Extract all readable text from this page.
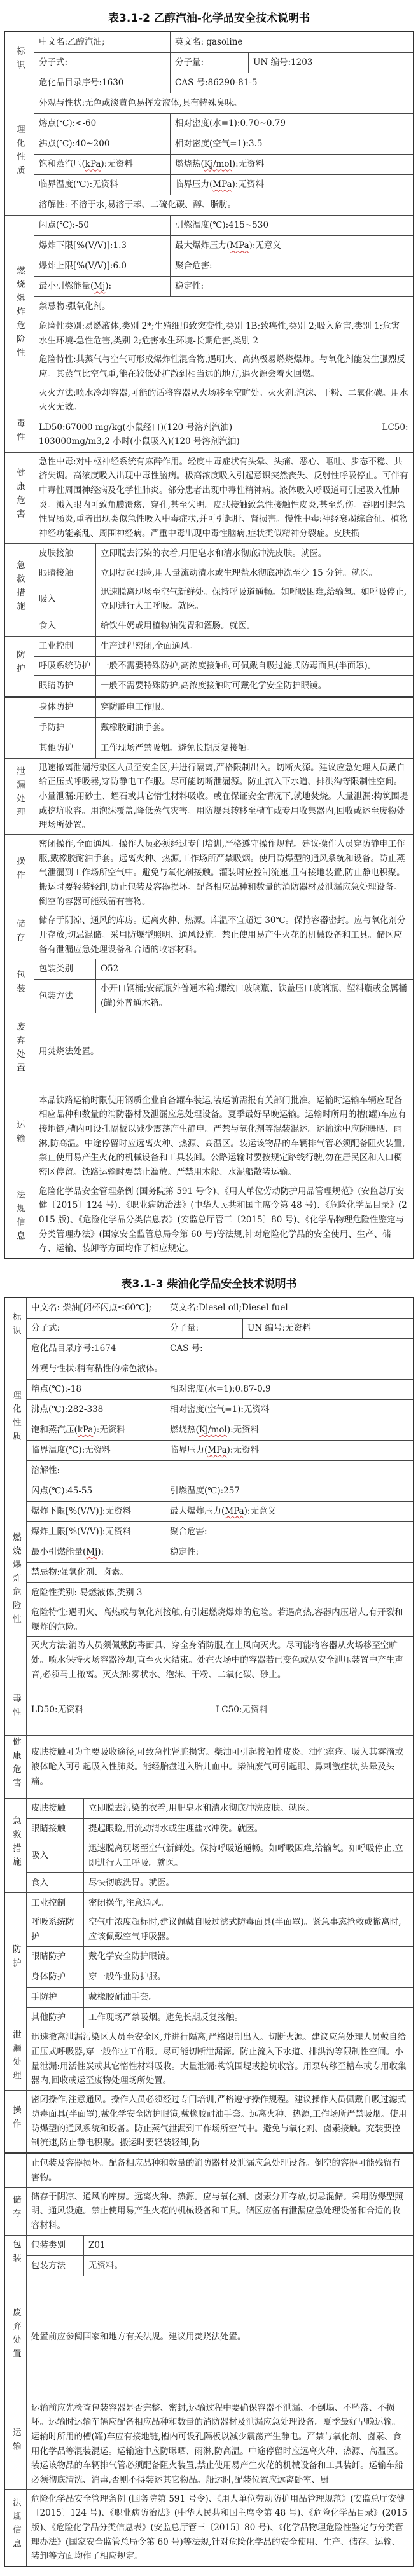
表3.1-2 乙醇汽油-化学品安全技术说明书
标识	中文名:乙醇汽油;		英文名: gasoline	
	分子式:		分子量:	UN 编号:1203
	危化品目录序号:1630		CAS 号:86290-81-5	
理化性质	外观与性状:无色或淡黄色易挥发液体,具有特殊臭味。			
	熔点(℃):<-60		相对密度(水=1):0.70~0.79	
	沸点(℃):40~200		相对密度(空气=1):3.5	
	饱和蒸汽压(kPa):无资料		燃烧热(Kj/mol):无资料	
	临界温度(℃):无资料		临界压力(MPa):无资料	
	溶解性: 不溶于水,易溶于苯、二硫化碳、醇、脂肪。			
燃烧爆炸危险性	闪点(℃):-50		引燃温度(℃):415~530	
	爆炸下限[%(V/V)]:1.3		最大爆炸压力(MPa):无意义	
	爆炸上限[%(V/V)]:6.0		聚合危害:	
	最小引燃能量(Mj):		稳定性:	
	禁忌物:强氧化剂。			
	危险性类别:易燃液体,类别 2*;生殖细胞致突变性,类别 1B;致癌性,类别 2;吸入危害,类别 1;危害水生环境-急性危害,类别 2;危害水生环境-长期危害,类别 2			
	危险特性:其蒸气与空气可形成爆炸性混合物,遇明火、高热极易燃烧爆炸。与氧化剂能发生强烈反应。其蒸气比空气重,能在较低处扩散到相当远的地方,遇火源会着火回燃。			
	灭火方法:喷水冷却容器,可能的话将容器从火场移至空旷处。灭火剂:泡沫、干粉、二氧化碳。用水灭火无效。			
毒性	LD50:67000 mg/kg(小鼠经口)(120 号溶剂汽油) LC50:
103000mg/m3,2 小时(小鼠吸入)(120 号溶剂汽油)			

健康危害	急性中毒:对中枢神经系统有麻醉作用。轻度中毒症状有头晕、头痛、恶心、呕吐、步态不稳、共济失调。高浓度吸入出现中毒性脑病。极高浓度吸入引起意识突然丧失、反射性呼吸停止。可伴有中毒性周围神经病及化学性肺炎。部分患者出现中毒性精神病。液体吸入呼吸道可引起吸入性肺炎。溅入眼内可致角膜溃疡、穿孔,甚至失明。皮肤接触致急性接触性皮炎,甚至灼伤。吞咽引起急性胃肠炎,重者出现类似急性吸入中毒症状,并可引起肝、肾损害。慢性中毒:神经衰弱综合征、植物神经功能紊乱、周围神经病。严重中毒出现中毒性脑病,症状类似精神分裂症。皮肤损			
急救措施	皮肤接触	立即脱去污染的衣着,用肥皂水和清水彻底冲洗皮肤。就医。		
	眼睛接触	立即提起眼睑,用大量流动清水或生理盐水彻底冲洗至少 15 分钟。就医。		
	吸入	迅速脱离现场至空气新鲜处。保持呼吸道通畅。如呼吸困难,给输氧。如呼吸停止,立即进行人工呼吸。就医。		
	食入	给饮牛奶或用植物油洗胃和灌肠。就医。		
防护	工业控制	生产过程密闭,全面通风。		
	呼吸系统防护	一般不需要特殊防护,高浓度接触时可佩戴自吸过滤式防毒面具(半面罩)。		
	眼睛防护	一般不需要特殊防护,高浓度接触时可戴化学安全防护眼镜。		
	身体防护	穿防静电工作服。		
	手防护	戴橡胶耐油手套。		
	其他防护	工作现场严禁吸烟。避免长期反复接触。		
泄漏处理	迅速撤离泄漏污染区人员至安全区,并进行隔离,严格限制出入。切断火源。建议应急处理人员戴自给正压式呼吸器,穿防静电工作服。尽可能切断泄漏源。防止流入下水道、排洪沟等限制性空间。小量泄漏:用砂土、蛭石或其它惰性材料吸收。或在保证安全情况下,就地焚烧。大量泄漏:构筑围堤或挖坑收容。用泡沫覆盖,降低蒸气灾害。用防爆泵转移至槽车或专用收集器内,回收或运至废物处理场所处置。			
操作	密闭操作,全面通风。操作人员必须经过专门培训,严格遵守操作规程。建议操作人员穿防静电工作服,戴橡胶耐油手套。远离火种、热源,工作场所严禁吸烟。使用防爆型的通风系统和设备。防止蒸气泄漏到工作场所空气中。避免与氧化剂接触。灌装时应控制流速,且有接地装置,防止静电积聚。搬运时要轻装轻卸,防止包装及容器损坏。配备相应品种和数量的消防器材及泄漏应急处理设备。倒空的容器可能残留有害物。			
储存	储存于阴凉、通风的库房。远离火种、热源。库温不宜超过 30℃。保持容器密封。应与氧化剂分开存放,切忌混储。采用防爆型照明、通风设施。禁止使用易产生火花的机械设备和工具。储区应备有泄漏应急处理设备和合适的收容材料。			
包装	包装类别	O52		
	包装方法	小开口钢桶;安瓿瓶外普通木箱;螺纹口玻璃瓶、铁盖压口玻璃瓶、塑料瓶或金属桶(罐)外普通木箱。		
废弃处置	用焚烧法处置。			
运输	本品铁路运输时限使用钢质企业自备罐车装运,装运前需报有关部门批准。运输时运输车辆应配备相应品种和数量的消防器材及泄漏应急处理设备。夏季最好早晚运输。运输时所用的槽(罐)车应有接地链,槽内可设孔隔板以减少震荡产生静电。严禁与氧化剂等混装混运。运输途中应防曝晒、雨淋,防高温。中途停留时应远离火种、热源、高温区。装运该物品的车辆排气管必须配备阻火装置,禁止使用易产生火花的机械设备和工具装卸。公路运输时要按规定路线行驶,勿在居民区和人口稠密区停留。铁路运输时要禁止溜放。严禁用木船、水泥船散装运输。			
法规信息	危险化学品安全管理条例 (国务院第 591 号令)、《用人单位劳动防护用品管理规范》(安监总厅安健〔2015〕124 号)、《职业病防治法》(中华人民共和国主席令第 48 号)、《危险化学品目录》(2015 版)、《危险化学品分类信息表》(安监总厅管三〔2015〕80 号)、《化学品物理危险性鉴定与分类管理办法》(国家安全监管总局令第 60 号)等法规,针对危险化学品的安全使用、生产、储存、运输、装卸等方面均作了相应规定。			
表3.1-3 柴油化学品安全技术说明书
标识	中文名: 柴油[闭杯闪点≤60℃];		英文名:Diesel oil;Diesel fuel	
	分子式:		分子量:	UN 编号:无资料
	危化品目录序号:1674		CAS 号:	
理化性质	外观与性状:稍有粘性的棕色液体。			
	熔点(℃):-18		相对密度(水=1):0.87-0.9	
	沸点(℃):282-338		相对密度(空气=1):无资料	
	饱和蒸汽压(kPa):无资料		燃烧热(Kj/mol):无资料	
	临界温度(℃):无资料		临界压力(MPa):无资料	
	溶解性:			
燃烧爆炸危险性	闪点(℃):45-55		引燃温度(℃):257	
	爆炸下限[%(V/V)]:无资料		最大爆炸压力(MPa):无意义	
	爆炸上限[%(V/V)]:无资料		聚合危害:	
	最小引燃能量(Mj):		稳定性:	
	禁忌物:强氧化剂、卤素。			
	危险性类别: 易燃液体,类别 3			
	危险特性:遇明火、高热或与氧化剂接触,有引起燃烧爆炸的危险。若遇高热,容器内压增大,有开裂和爆炸的危险。			
	灭火方法:消防人员须佩戴防毒面具、穿全身消防服,在上风向灭火。尽可能将容器从火场移至空旷处。喷水保持火场容器冷却,直至灭火结束。处在火场中的容器若已变色或从安全泄压装置中产生声音,必须马上撤离。灭火剂:雾状水、泡沫、干粉、二氧化碳、砂土。			
毒性	LD50:无资料 LC50:无资料			

健康危害	皮肤接触可为主要吸收途径,可致急性肾脏损害。柴油可引起接触性皮炎、油性痤疮。吸入其雾滴或液体呛入可引起吸入性肺炎。能经胎盘进入胎儿血中。柴油废气可引起眼、鼻刺激症状,头晕及头痛。			
急救措施	皮肤接触	立即脱去污染的衣着,用肥皂水和清水彻底冲洗皮肤。就医。		
	眼睛接触	提起眼睑,用流动清水或生理盐水冲洗。就医。		
	吸入	迅速脱离现场至空气新鲜处。保持呼吸道通畅。如呼吸困难,给输氧。如呼吸停止,立即进行人工呼吸。就医。		
	食入	尽快彻底洗胃。就医。		
防护	工业控制	密闭操作,注意通风。		
	呼吸系统防护	空气中浓度超标时,建议佩戴自吸过滤式防毒面具(半面罩)。紧急事态抢救或撤离时,应该佩戴空气呼吸器。		
	眼睛防护	戴化学安全防护眼镜。		
	身体防护	穿一般作业防护服。		
	手防护	戴橡胶耐油手套。		
	其他防护	工作现场严禁吸烟。避免长期反复接触。		
泄漏处理	迅速撤离泄漏污染区人员至安全区,并进行隔离,严格限制出入。切断火源。建议应急处理人员戴自给正压式呼吸器,穿一般作业工作服。尽可能切断泄漏源。防止流入下水道、排洪沟等限制性空间。小量泄漏:用活性炭或其它惰性材料吸收。大量泄漏:构筑围堤或挖坑收容。用泵转移至槽车或专用收集器内,回收或运至废物处理场所处置。			
操作	密闭操作,注意通风。操作人员必须经过专门培训,严格遵守操作规程。建议操作人员佩戴自吸过滤式防毒面具(半面罩),戴化学安全防护眼镜,戴橡胶耐油手套。远离火种、热源,工作场所严禁吸烟。使用防爆型的通风系统和设备。防止蒸气泄漏到工作场所空气中。避免与氧化剂、卤素接触。充装要控制流速,防止静电积聚。搬运时要轻装轻卸,防			
	止包装及容器损坏。配备相应品种和数量的消防器材及泄漏应急处理设备。倒空的容器可能残留有害物。			
储存	储存于阴凉、通风的库房。远离火种、热源。应与氧化剂、卤素分开存放,切忌混储。采用防爆型照明、通风设施。禁止使用易产生火花的机械设备和工具。储区应备有泄漏应急处理设备和合适的收容材料。			
包装	包装类别	Z01		
	包装方法	无资料。		
废弃处置	处置前应参阅国家和地方有关法规。建议用焚烧法处置。			
运输	运输前应先检查包装容器是否完整、密封,运输过程中要确保容器不泄漏、不倒塌、不坠落、不损坏。运输时运输车辆应配备相应品种和数量的消防器材及泄漏应急处理设备。夏季最好早晚运输。运输时所用的槽(罐)车应有接地链,槽内可设孔隔板以减少震荡产生静电。严禁与氧化剂、卤素、食用化学品等混装混运。运输途中应防曝晒、雨淋,防高温。中途停留时应远离火种、热源、高温区。装运该物品的车辆排气管必须配备阻火装置,禁止使用易产生火花的机械设备和工具装卸。运输车船必须彻底清洗、消毒,否则不得装运其它物品。船运时,配装位置应远离卧室、厨			
法规信息	危险化学品安全管理条例 (国务院第 591 号令)、《用人单位劳动防护用品管理规范》(安监总厅安健〔2015〕124 号)、《职业病防治法》(中华人民共和国主席令第 48 号)、《危险化学品目录》(2015 版)、《危险化学品分类信息表》(安监总厅管三〔2015〕80 号)、《化学品物理危险性鉴定与分类管理办法》(国家安全监管总局令第 60 号)等法规,针对危险化学品的安全使用、生产、储存、运输、装卸等方面均作了相应规定。			
